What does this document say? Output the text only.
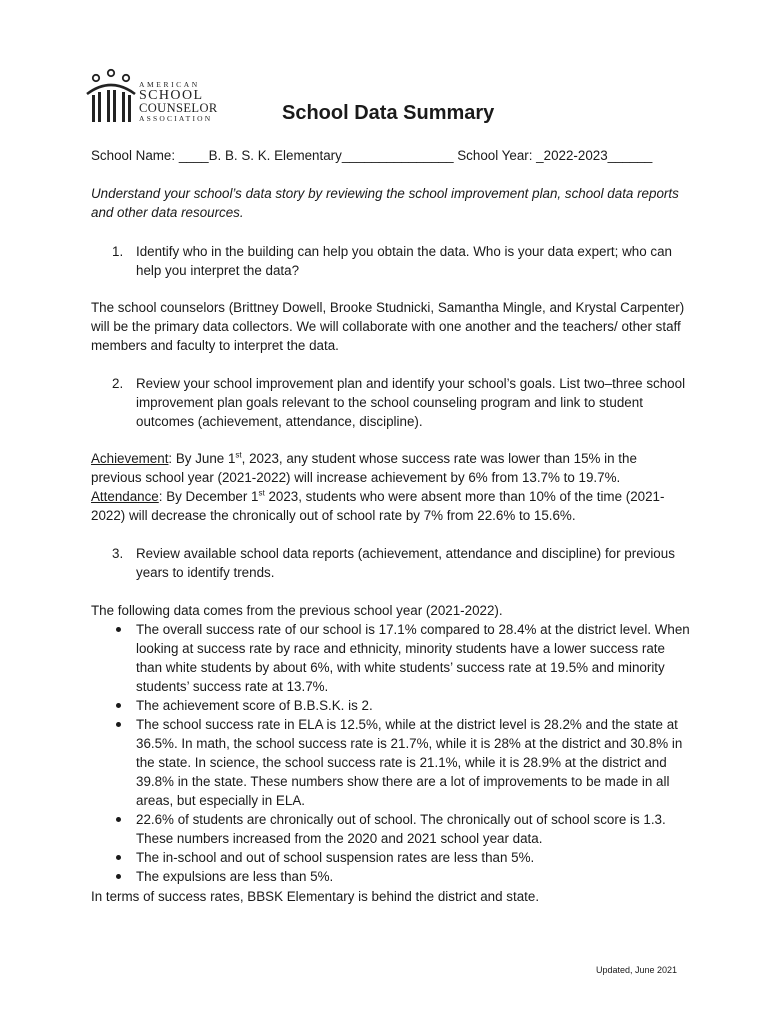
AMERICAN
SCHOOL
COUNSELOR
ASSOCIATION	School Data Summary

School Name: ____B. B. S. K. Elementary_______________ School Year: _2022-2023______

Understand your school’s data story by reviewing the school improvement plan, school data reports and other data resources.

1. Identify who in the building can help you obtain the data. Who is your data expert; who can help you interpret the data?

The school counselors (Brittney Dowell, Brooke Studnicki, Samantha Mingle, and Krystal Carpenter) will be the primary data collectors. We will collaborate with one another and the teachers/ other staff members and faculty to interpret the data.

2. Review your school improvement plan and identify your school’s goals. List two–three school improvement plan goals relevant to the school counseling program and link to student outcomes (achievement, attendance, discipline).

Achievement: By June 1st, 2023, any student whose success rate was lower than 15% in the previous school year (2021-2022) will increase achievement by 6% from 13.7% to 19.7%.

Attendance: By December 1st 2023, students who were absent more than 10% of the time (2021-2022) will decrease the chronically out of school rate by 7% from 22.6% to 15.6%.

3. Review available school data reports (achievement, attendance and discipline) for previous years to identify trends.

The following data comes from the previous school year (2021-2022).

The overall success rate of our school is 17.1% compared to 28.4% at the district level. When looking at success rate by race and ethnicity, minority students have a lower success rate than white students by about 6%, with white students’ success rate at 19.5% and minority students’ success rate at 13.7%.
The achievement score of B.B.S.K. is 2.
The school success rate in ELA is 12.5%, while at the district level is 28.2% and the state at 36.5%. In math, the school success rate is 21.7%, while it is 28% at the district and 30.8% in the state. In science, the school success rate is 21.1%, while it is 28.9% at the district and 39.8% in the state. These numbers show there are a lot of improvements to be made in all areas, but especially in ELA.
22.6% of students are chronically out of school. The chronically out of school score is 1.3. These numbers increased from the 2020 and 2021 school year data.
The in-school and out of school suspension rates are less than 5%.
The expulsions are less than 5%.

In terms of success rates, BBSK Elementary is behind the district and state.

Updated, June 2021
